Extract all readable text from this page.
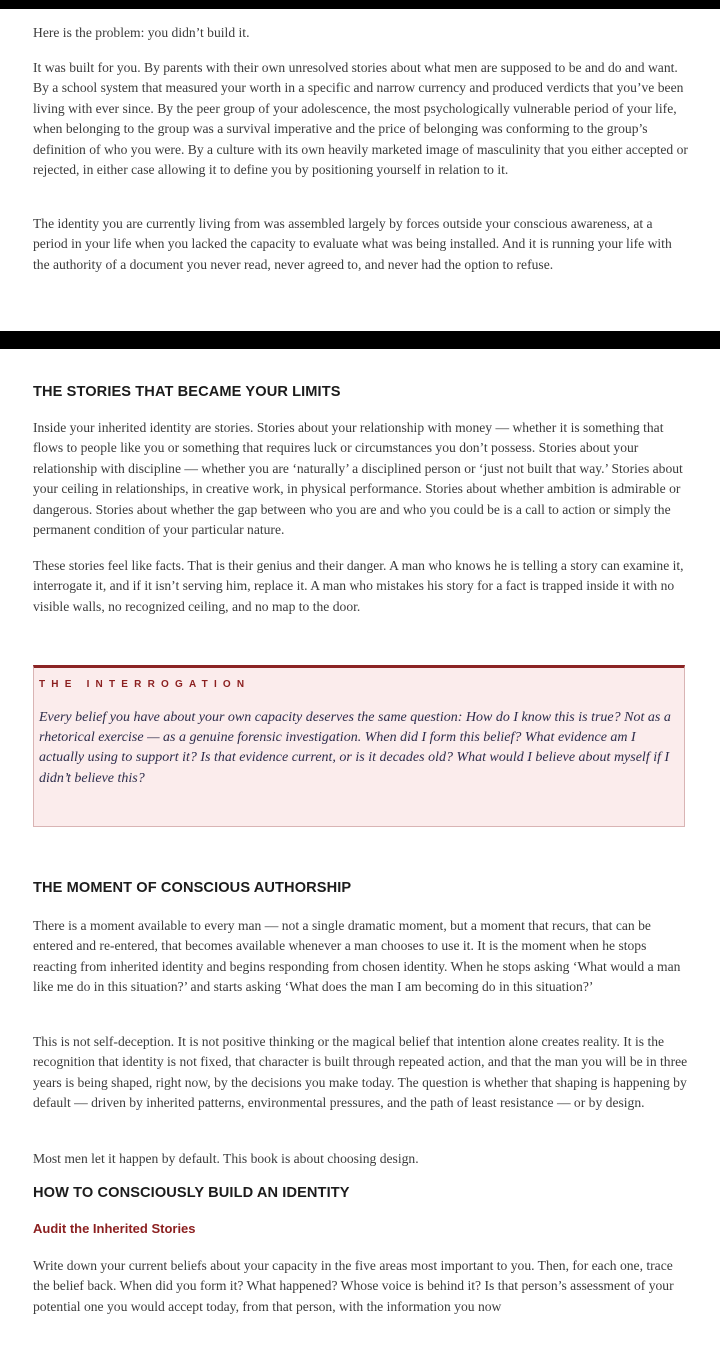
Here is the problem: you didn’t build it.

It was built for you. By parents with their own unresolved stories about what men are supposed to be and do and want. By a school system that measured your worth in a specific and narrow currency and produced verdicts that you’ve been living with ever since. By the peer group of your adolescence, the most psychologically vulnerable period of your life, when belonging to the group was a survival imperative and the price of belonging was conforming to the group’s definition of who you were. By a culture with its own heavily marketed image of masculinity that you either accepted or rejected, in either case allowing it to define you by positioning yourself in relation to it.

The identity you are currently living from was assembled largely by forces outside your conscious awareness, at a period in your life when you lacked the capacity to evaluate what was being installed. And it is running your life with the authority of a document you never read, never agreed to, and never had the option to refuse.

THE STORIES THAT BECAME YOUR LIMITS

Inside your inherited identity are stories. Stories about your relationship with money — whether it is something that flows to people like you or something that requires luck or circumstances you don’t possess. Stories about your relationship with discipline — whether you are ‘naturally’ a disciplined person or ‘just not built that way.’ Stories about your ceiling in relationships, in creative work, in physical performance. Stories about whether ambition is admirable or dangerous. Stories about whether the gap between who you are and who you could be is a call to action or simply the permanent condition of your particular nature.

These stories feel like facts. That is their genius and their danger. A man who knows he is telling a story can examine it, interrogate it, and if it isn’t serving him, replace it. A man who mistakes his story for a fact is trapped inside it with no visible walls, no recognized ceiling, and no map to the door.

THE INTERROGATION

Every belief you have about your own capacity deserves the same question: How do I know this is true? Not as a rhetorical exercise — as a genuine forensic investigation. When did I form this belief? What evidence am I actually using to support it? Is that evidence current, or is it decades old? What would I believe about myself if I didn’t believe this?

THE MOMENT OF CONSCIOUS AUTHORSHIP

There is a moment available to every man — not a single dramatic moment, but a moment that recurs, that can be entered and re-entered, that becomes available whenever a man chooses to use it. It is the moment when he stops reacting from inherited identity and begins responding from chosen identity. When he stops asking ‘What would a man like me do in this situation?’ and starts asking ‘What does the man I am becoming do in this situation?’

This is not self-deception. It is not positive thinking or the magical belief that intention alone creates reality. It is the recognition that identity is not fixed, that character is built through repeated action, and that the man you will be in three years is being shaped, right now, by the decisions you make today. The question is whether that shaping is happening by default — driven by inherited patterns, environmental pressures, and the path of least resistance — or by design.

Most men let it happen by default. This book is about choosing design.

HOW TO CONSCIOUSLY BUILD AN IDENTITY
Audit the Inherited Stories

Write down your current beliefs about your capacity in the five areas most important to you. Then, for each one, trace the belief back. When did you form it? What happened? Whose voice is behind it? Is that person’s assessment of your potential one you would accept today, from that person, with the information you now
